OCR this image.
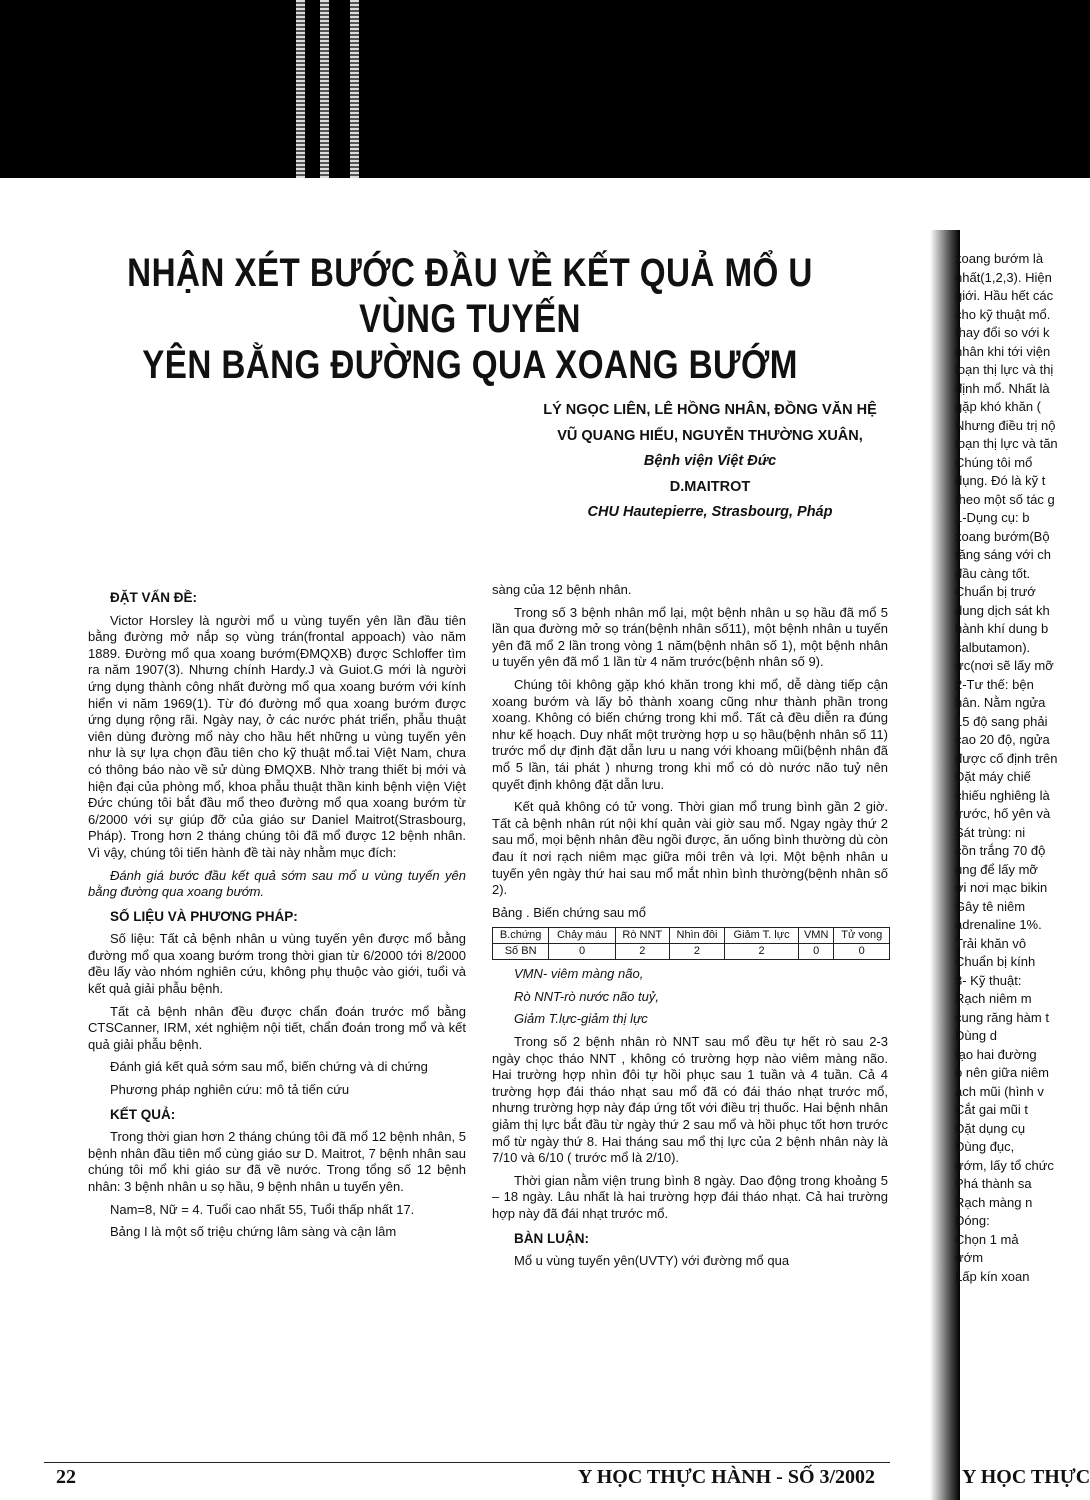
NHẬN XÉT BƯỚC ĐẦU VỀ KẾT QUẢ MỔ U VÙNG TUYẾN
YÊN BẰNG ĐƯỜNG QUA XOANG BƯỚM
LÝ NGỌC LIÊN, LÊ HỒNG NHÂN, ĐỒNG VĂN HỆ
VŨ QUANG HIẾU, NGUYỄN THƯỜNG XUÂN,
Bệnh viện Việt Đức
D.MAITROT
CHU Hautepierre, Strasbourg, Pháp
ĐẶT VẤN ĐỀ:

Victor Horsley là người mổ u vùng tuyến yên lần đầu tiên bằng đường mở nắp sọ vùng trán(frontal appoach) vào năm 1889. Đường mổ qua xoang bướm(ĐMQXB) được Schloffer tìm ra năm 1907(3). Nhưng chính Hardy.J và Guiot.G mới là người ứng dụng thành công nhất đường mổ qua xoang bướm với kính hiển vi năm 1969(1). Từ đó đường mổ qua xoang bướm được ứng dụng rộng rãi. Ngày nay, ở các nước phát triển, phẫu thuật viên dùng đường mổ này cho hầu hết những u vùng tuyến yên như là sự lựa chọn đầu tiên cho kỹ thuật mổ.tai Việt Nam, chưa có thông báo nào về sử dùng ĐMQXB. Nhờ trang thiết bị mới và hiện đại của phòng mổ, khoa phẫu thuật thần kinh bệnh viện Việt Đức chúng tôi bắt đầu mổ theo đường mổ qua xoang bướm từ 6/2000 với sự giúp đỡ của giáo sư Daniel Maitrot(Strasbourg, Pháp). Trong hơn 2 tháng chúng tôi đã mổ được 12 bệnh nhân. Vì vậy, chúng tôi tiến hành đề tài này nhằm mục đích:

Đánh giá bước đầu kết quả sớm sau mổ u vùng tuyến yên bằng đường qua xoang bướm.

SỐ LIỆU VÀ PHƯƠNG PHÁP:

Số liệu: Tất cả bệnh nhân u vùng tuyến yên được mổ bằng đường mổ qua xoang bướm trong thời gian từ 6/2000 tới 8/2000 đều lấy vào nhóm nghiên cứu, không phụ thuộc vào giới, tuổi và kết quả giải phẫu bệnh.

Tất cả bệnh nhân đều được chẩn đoán trước mổ bằng CTSCanner, IRM, xét nghiệm nội tiết, chẩn đoán trong mổ và kết quả giải phẫu bệnh.

Đánh giá kết quả sớm sau mổ, biến chứng và di chứng

Phương pháp nghiên cứu: mô tả tiến cứu

KẾT QUẢ:

Trong thời gian hơn 2 tháng chúng tôi đã mổ 12 bệnh nhân, 5 bệnh nhân đầu tiên mổ cùng giáo sư D. Maitrot, 7 bệnh nhân sau chúng tôi mổ khi giáo sư đã về nước. Trong tổng số 12 bệnh nhân: 3 bệnh nhân u sọ hầu, 9 bệnh nhân u tuyến yên.

Nam=8, Nữ = 4. Tuổi cao nhất 55, Tuổi thấp nhất 17.

Bảng I là một số triệu chứng lâm sàng và cận lâm

sàng của 12 bệnh nhân.

Trong số 3 bệnh nhân mổ lại, một bệnh nhân u sọ hầu đã mổ 5 lần qua đường mở sọ trán(bệnh nhân số11), một bệnh nhân u tuyến yên đã mổ 2 lần trong vòng 1 năm(bệnh nhân số 1), một bệnh nhân u tuyến yên đã mổ 1 lần từ 4 năm trước(bệnh nhân số 9).

Chúng tôi không gặp khó khăn trong khi mổ, dễ dàng tiếp cận xoang bướm và lấy bỏ thành xoang cũng như thành phần trong xoang. Không có biến chứng trong khi mổ. Tất cả đều diễn ra đúng như kế hoạch. Duy nhất một trường hợp u sọ hầu(bệnh nhân số 11) trước mổ dự định đặt dẫn lưu u nang với khoang mũi(bệnh nhân đã mổ 5 lần, tái phát ) nhưng trong khi mổ có dò nước não tuỷ nên quyết định không đặt dẫn lưu.

Kết quả không có tử vong. Thời gian mổ trung bình gần 2 giờ. Tất cả bệnh nhân rút nội khí quản vài giờ sau mổ. Ngay ngày thứ 2 sau mổ, mọi bệnh nhân đều ngồi được, ăn uống bình thường dù còn đau ít nơi rạch niêm mạc giữa môi trên và lợi. Một bệnh nhân u tuyến yên ngày thứ hai sau mổ mắt nhìn bình thường(bệnh nhân số 2).

Bảng . Biến chứng sau mổ

B.chứng	Chảy máu	Rò NNT	Nhìn đôi	Giảm T. lực	VMN	Tử vong
Số BN	0	2	2	2	0	0

VMN- viêm màng não,

Rò NNT-rò nước não tuỷ,

Giảm T.lực-giảm thị lực

Trong số 2 bệnh nhân rò NNT sau mổ đều tự hết rò sau 2-3 ngày chọc tháo NNT , không có trường hợp nào viêm màng não. Hai trường hợp nhìn đôi tự hồi phục sau 1 tuần và 4 tuần. Cả 4 trường hợp đái tháo nhạt sau mổ đã có đái tháo nhạt trước mổ, nhưng trường hợp này đáp ứng tốt với điều trị thuốc. Hai bệnh nhân giảm thị lực bắt đầu từ ngày thứ 2 sau mổ và hồi phục tốt hơn trước mổ từ ngày thứ 8. Hai tháng sau mổ thị lực của 2 bệnh nhân này là 7/10 và 6/10 ( trước mổ là 2/10).

Thời gian nằm viện trung bình 8 ngày. Dao động trong khoảng 5 – 18 ngày. Lâu nhất là hai trường hợp đái tháo nhạt. Cả hai trường hợp này đã đái nhạt trước mổ.

BÀN LUẬN:

Mổ u vùng tuyến yên(UVTY) với đường mổ qua

22	Y HỌC THỰC HÀNH - SỐ 3/2002
xoang bướm là
nhất(1,2,3). Hiện
giới. Hầu hết các
cho kỹ thuật mổ.
thay đổi so với k
nhân khi tới viện
loạn thị lực và thị
định mổ. Nhất là
gặp khó khăn (
Nhưng điều trị nộ
loạn thị lực và tăn
Chúng tôi mổ
dụng. Đó là kỹ t
theo một số tác g
1-Dụng cụ: b
xoang bướm(Bộ
tăng sáng với ch
đầu càng tốt.
Chuẩn bị trướ
dung dịch sát kh
hành khí dung b
salbutamon).
ực(nơi sẽ lấy mỡ
2-Tư thế: bện
hân. Nằm ngửa
15 độ sang phải
cao 20 độ, ngửa
được cố định trên
Đặt máy chiế
chiếu nghiêng là
trước, hố yên và
Sát trùng: ni
cồn trắng 70 độ
ùng để lấy mỡ
ới nơi mạc bikin
Gây tê niêm
adrenaline 1%.
Trải khăn vô
Chuẩn bị kính
3- Kỹ thuật:
Rạch niêm m
cung răng hàm t
Dùng d
tạo hai đường
o nên giữa niêm
ách mũi (hình v
Cắt gai mũi t
Đặt dụng cụ
Dùng đục,
ướm, lấy tổ chức
Phá thành sa
Rạch màng n
Đóng:
Chọn 1 mả
ướm
Lấp kín xoan
Y HỌC THỰC
